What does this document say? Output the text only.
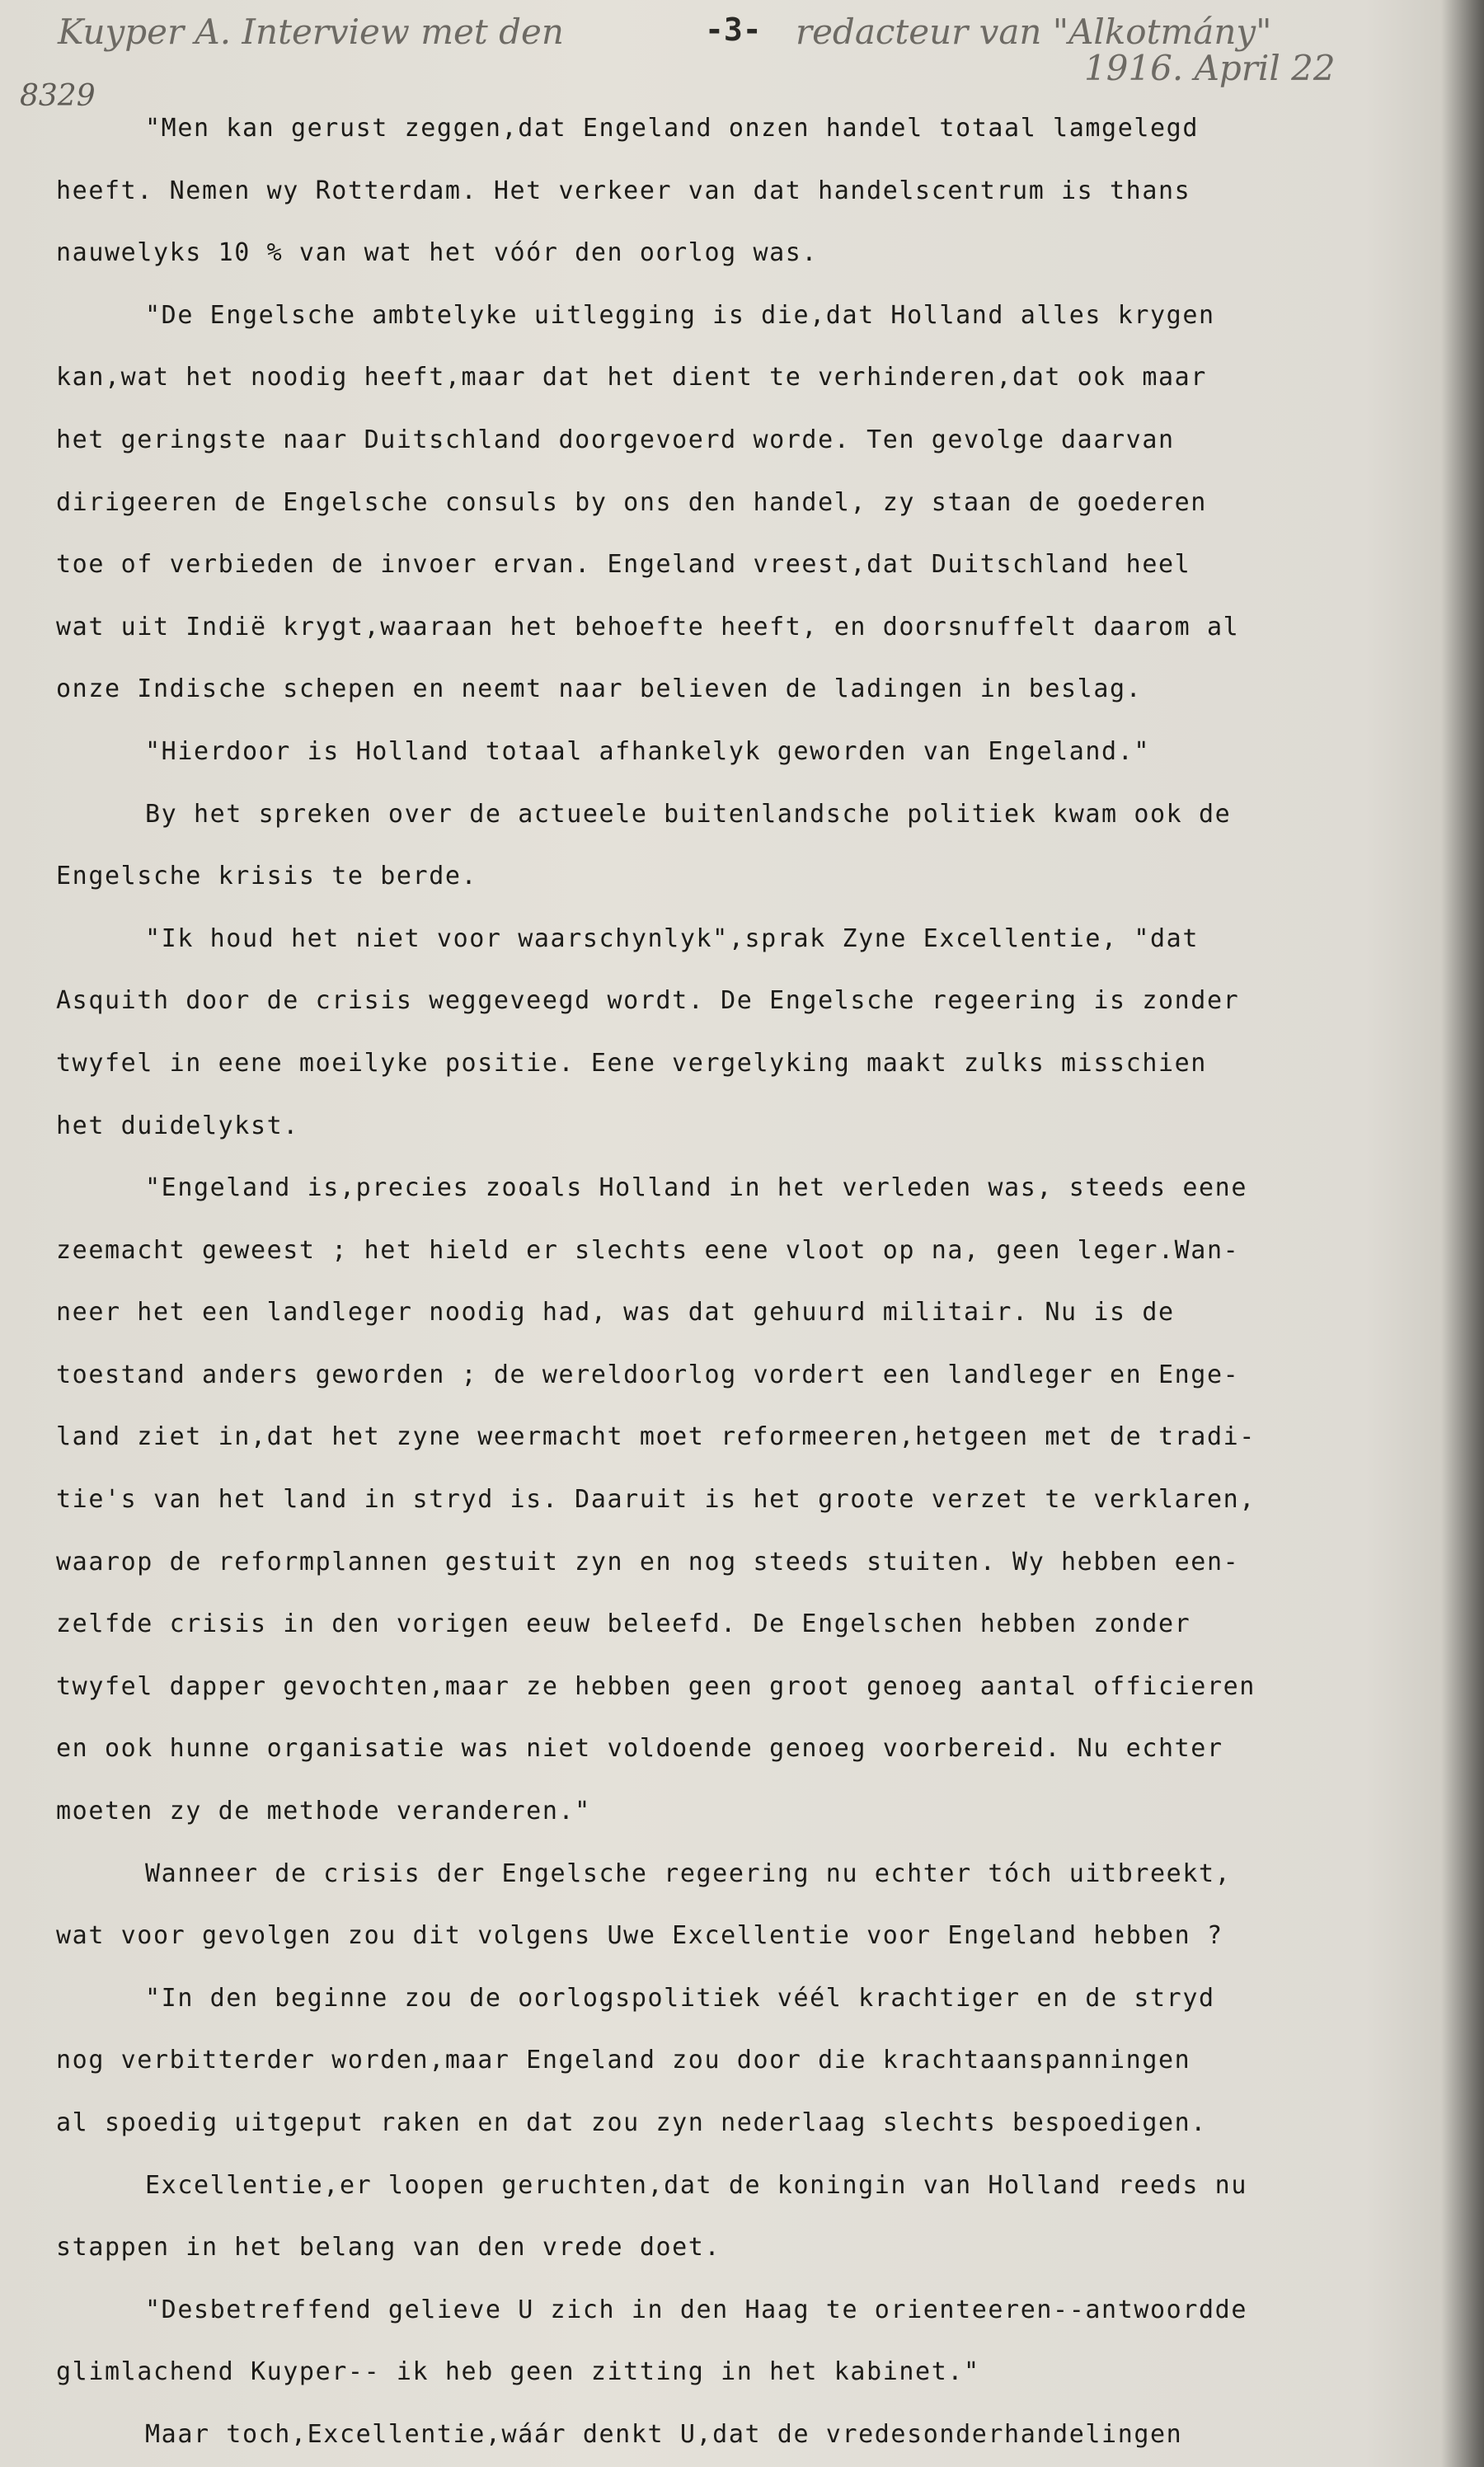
Kuyper A. Interview met den	-3- redacteur van "Alkotmány"
1916. April 22
8329
"Men kan gerust zeggen,dat Engeland onzen handel totaal lamgelegd
heeft. Nemen wy Rotterdam. Het verkeer van dat handelscentrum is thans
nauwelyks 10 % van wat het vóór den oorlog was.
"De Engelsche ambtelyke uitlegging is die,dat Holland alles krygen
kan,wat het noodig heeft,maar dat het dient te verhinderen,dat ook maar
het geringste naar Duitschland doorgevoerd worde. Ten gevolge daarvan
dirigeeren de Engelsche consuls by ons den handel, zy staan de goederen
toe of verbieden de invoer ervan. Engeland vreest,dat Duitschland heel
wat uit Indië krygt,waaraan het behoefte heeft, en doorsnuffelt daarom al
onze Indische schepen en neemt naar believen de ladingen in beslag.
"Hierdoor is Holland totaal afhankelyk geworden van Engeland."
By het spreken over de actueele buitenlandsche politiek kwam ook de
Engelsche krisis te berde.
"Ik houd het niet voor waarschynlyk",sprak Zyne Excellentie, "dat
Asquith door de crisis weggeveegd wordt. De Engelsche regeering is zonder
twyfel in eene moeilyke positie. Eene vergelyking maakt zulks misschien
het duidelykst.
"Engeland is,precies zooals Holland in het verleden was, steeds eene
zeemacht geweest ; het hield er slechts eene vloot op na, geen leger.Wan-
neer het een landleger noodig had, was dat gehuurd militair. Nu is de
toestand anders geworden ; de wereldoorlog vordert een landleger en Enge-
land ziet in,dat het zyne weermacht moet reformeeren,hetgeen met de tradi-
tie's van het land in stryd is. Daaruit is het groote verzet te verklaren,
waarop de reformplannen gestuit zyn en nog steeds stuiten. Wy hebben een-
zelfde crisis in den vorigen eeuw beleefd. De Engelschen hebben zonder
twyfel dapper gevochten,maar ze hebben geen groot genoeg aantal officieren
en ook hunne organisatie was niet voldoende genoeg voorbereid. Nu echter
moeten zy de methode veranderen."
Wanneer de crisis der Engelsche regeering nu echter tóch uitbreekt,
wat voor gevolgen zou dit volgens Uwe Excellentie voor Engeland hebben ?
"In den beginne zou de oorlogspolitiek véél krachtiger en de stryd
nog verbitterder worden,maar Engeland zou door die krachtaanspanningen
al spoedig uitgeput raken en dat zou zyn nederlaag slechts bespoedigen.
Excellentie,er loopen geruchten,dat de koningin van Holland reeds nu
stappen in het belang van den vrede doet.
"Desbetreffend gelieve U zich in den Haag te orienteeren--antwoordde
glimlachend Kuyper-- ik heb geen zitting in het kabinet."
Maar toch,Excellentie,wáár denkt U,dat de vredesonderhandelingen
